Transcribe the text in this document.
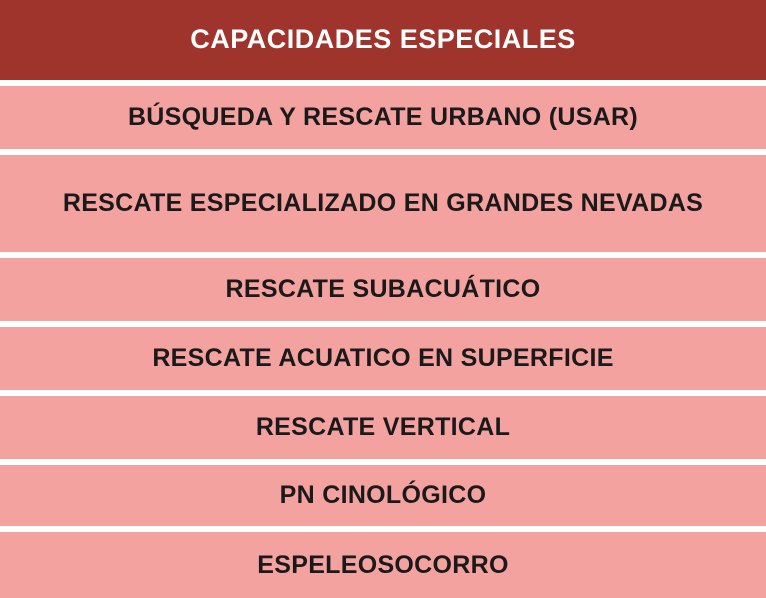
CAPACIDADES ESPECIALES
BÚSQUEDA Y RESCATE URBANO (USAR)
RESCATE ESPECIALIZADO EN GRANDES NEVADAS
RESCATE SUBACUÁTICO
RESCATE ACUATICO EN SUPERFICIE
RESCATE VERTICAL
PN CINOLÓGICO
ESPELEOSOCORRO
